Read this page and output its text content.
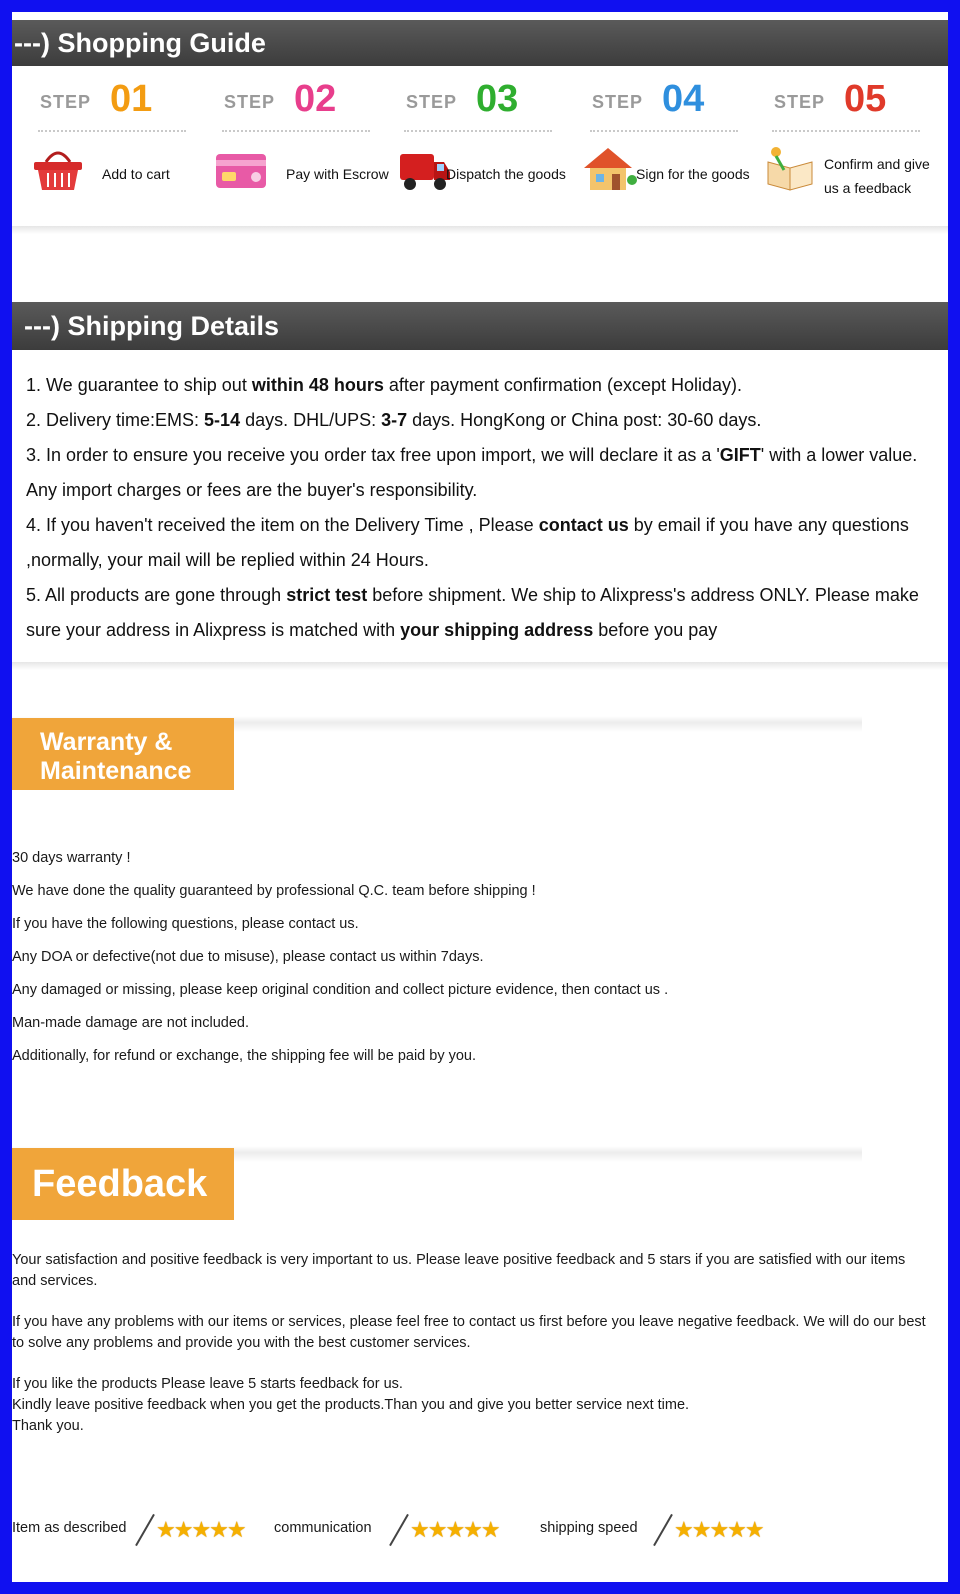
---) Shopping Guide
STEP 01
Add to cart
STEP 02
Pay with Escrow
STEP 03
Dispatch the goods
STEP 04
Sign for the goods
STEP 05
Confirm and give
us a feedback
---) Shipping Details

1. We guarantee to ship out within 48 hours after payment confirmation (except Holiday).

2. Delivery time:EMS: 5-14 days. DHL/UPS: 3-7 days. HongKong or China post: 30-60 days.

3. In order to ensure you receive you order tax free upon import, we will declare it as a 'GIFT' with a lower value. Any import charges or fees are the buyer's responsibility.

4. If you haven't received the item on the Delivery Time , Please contact us by email if you have any questions ,normally, your mail will be replied within 24 Hours.

5. All products are gone through strict test before shipment. We ship to Alixpress's address ONLY. Please make sure your address in Alixpress is matched with your shipping address before you pay

Warranty &
Maintenance
30 days warranty !
We have done the quality guaranteed by professional Q.C. team before shipping !
If you have the following questions, please contact us.
Any DOA or defective(not due to misuse), please contact us within 7days.
Any damaged or missing, please keep original condition and collect picture evidence, then contact us .
Man-made damage are not included.
Additionally, for refund or exchange, the shipping fee will be paid by you.
Feedback

Your satisfaction and positive feedback is very important to us. Please leave positive feedback and 5 stars if you are satisfied with our items and services.

If you have any problems with our items or services, please feel free to contact us first before you leave negative feedback. We will do our best to solve any problems and provide you with the best customer services.

If you like the products Please leave 5 starts feedback for us.
Kindly leave positive feedback when you get the products.Than you and give you better service next time.
Thank you.

Item as described ★★★★★ communication ★★★★★	shipping speed ★★★★★
